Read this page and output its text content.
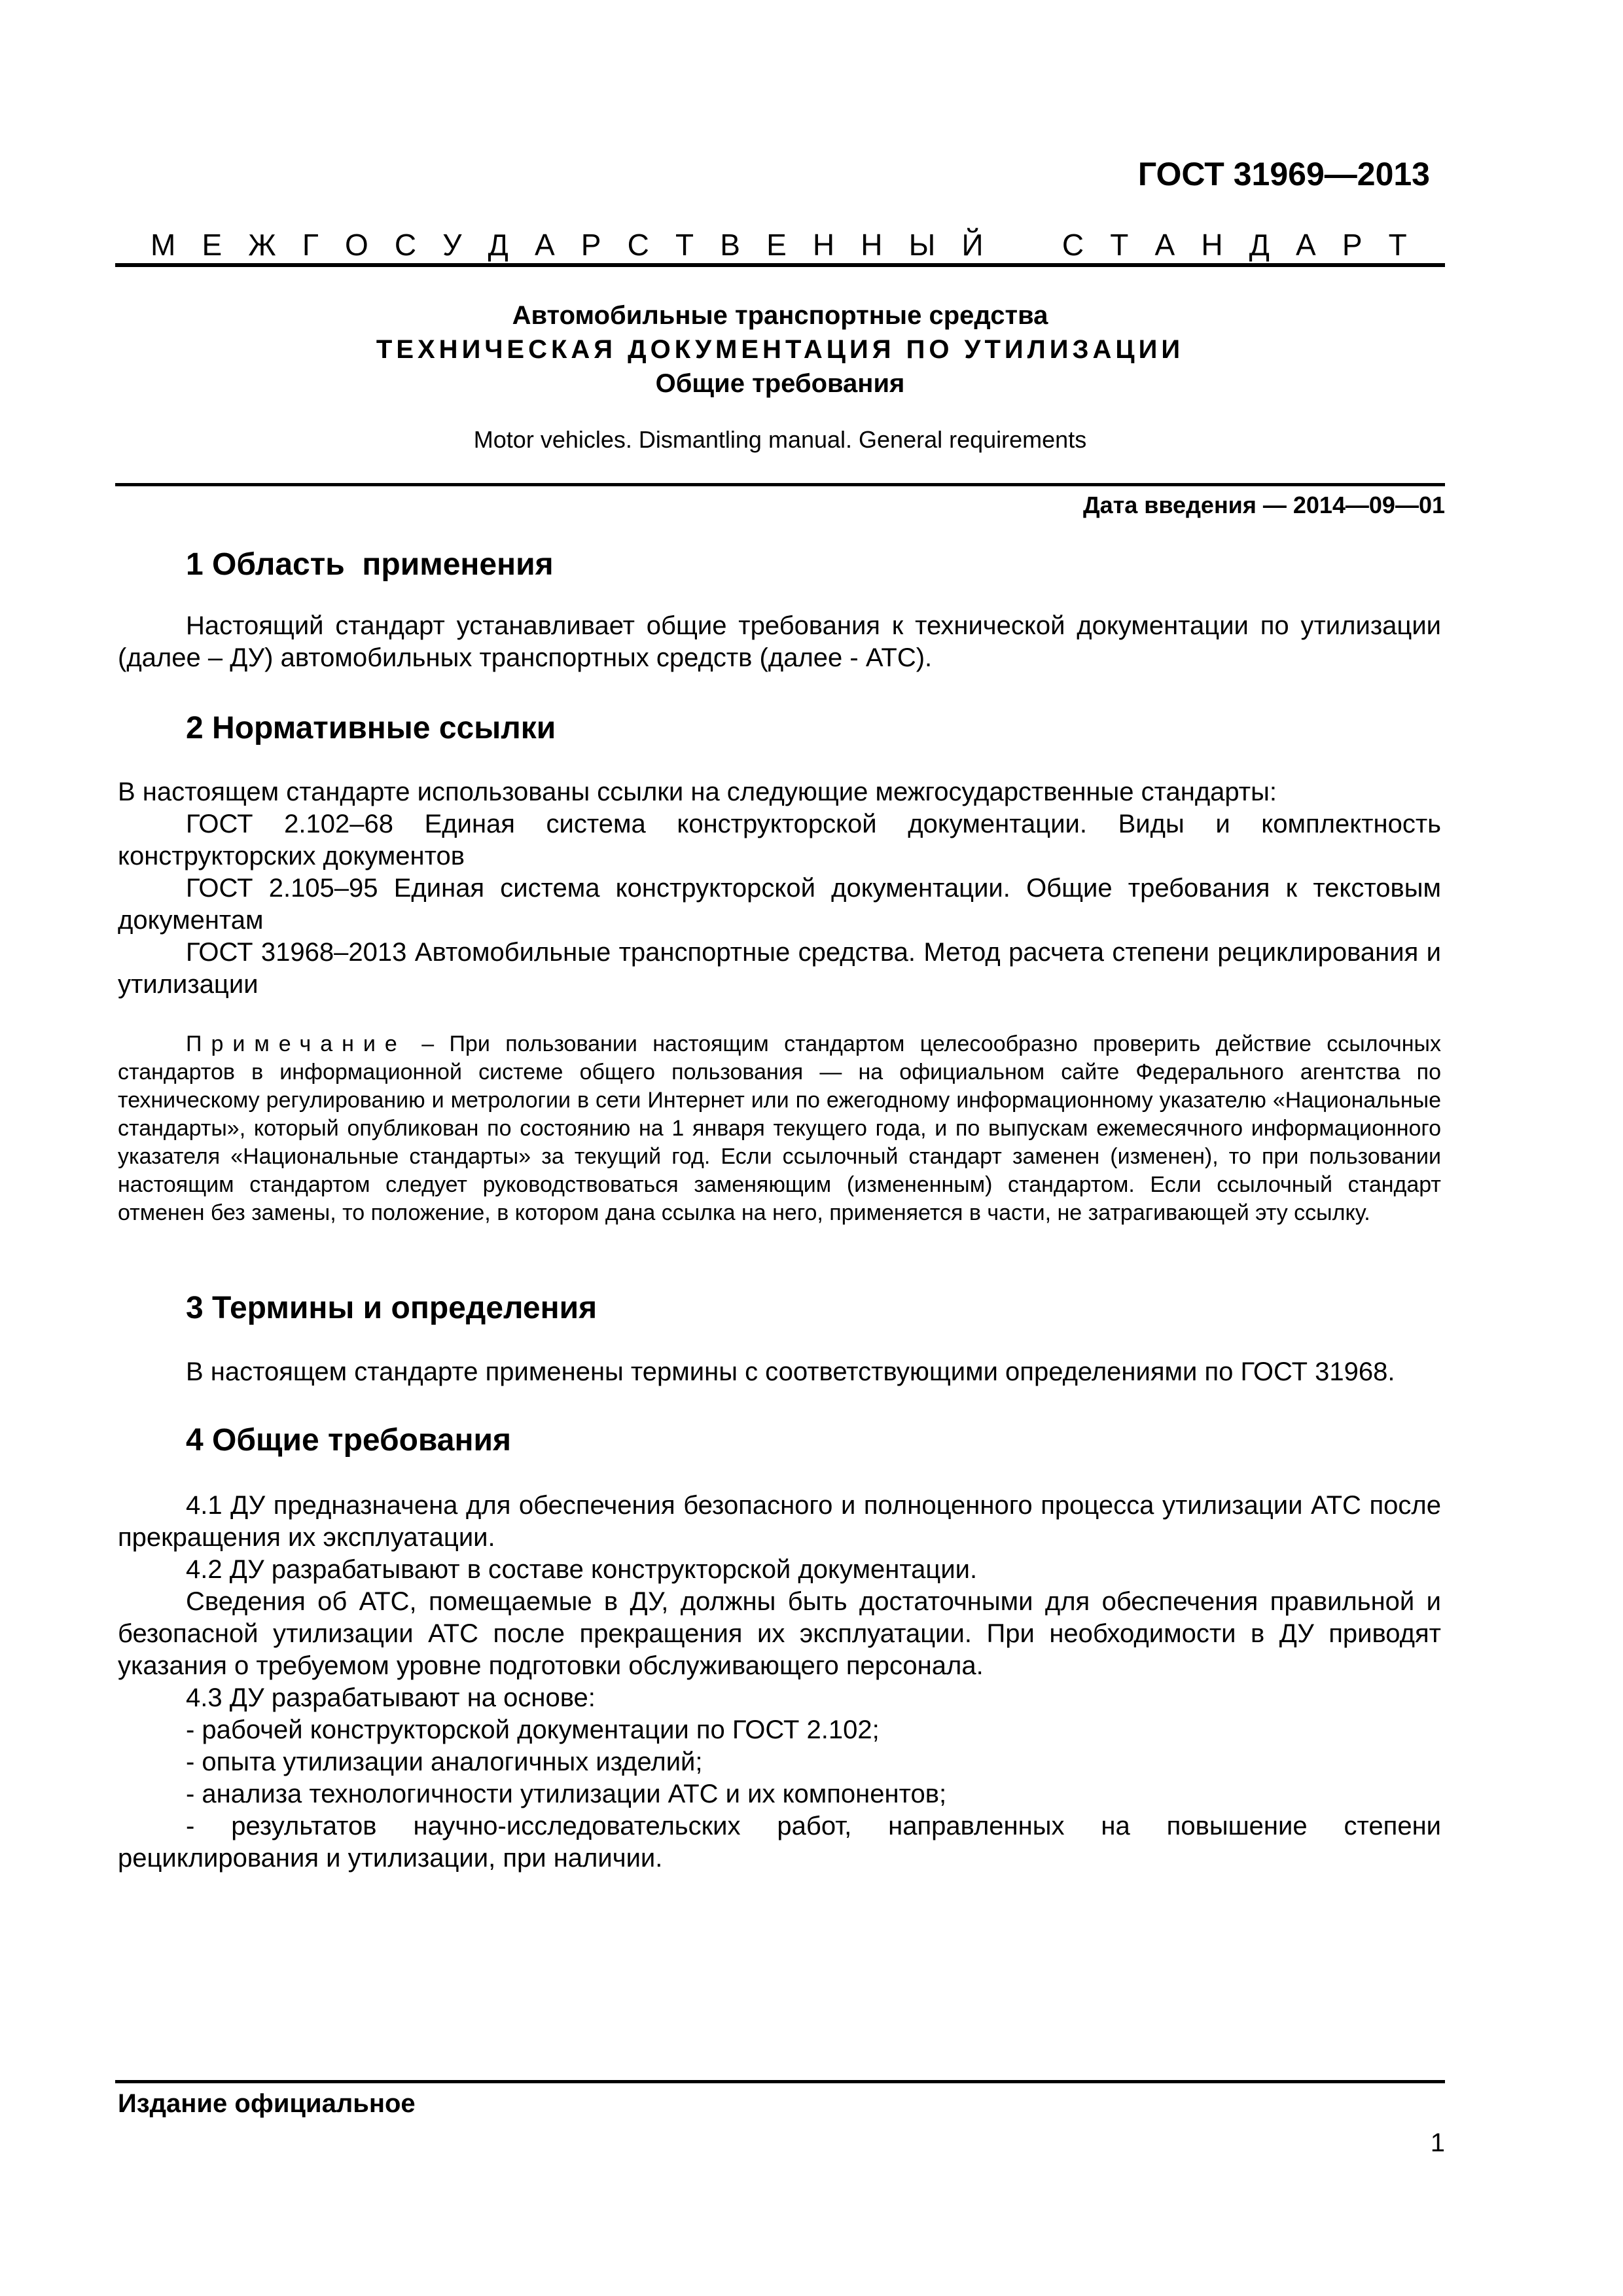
ГОСТ 31969—2013
М Е Ж Г О С У Д А Р С Т В Е Н Н Ы Й	С Т А Н Д А Р Т
Автомобильные транспортные средства
ТЕХНИЧЕСКАЯ ДОКУМЕНТАЦИЯ ПО УТИЛИЗАЦИИ
Общие требования
Motor vehicles. Dismantling manual. General requirements
Дата введения — 2014—09—01
1 Область  применения
Настоящий стандарт устанавливает общие требования к технической документации по утилизации (далее – ДУ) автомобильных транспортных средств (далее - АТС).
2 Нормативные ссылки
В настоящем стандарте использованы ссылки на следующие межгосударственные стандарты:
ГОСТ 2.102–68 Единая система конструкторской документации. Виды и комплектность конструкторских документов
ГОСТ 2.105–95 Единая система конструкторской документации. Общие требования к текстовым документам
ГОСТ 31968–2013 Автомобильные транспортные средства. Метод расчета степени рециклирования и утилизации
Примечание – При пользовании настоящим стандартом целесообразно проверить действие ссылочных стандартов в информационной системе общего пользования — на официальном сайте Федерального агентства по техническому регулированию и метрологии в сети Интернет или по ежегодному информационному указателю «Национальные стандарты», который опубликован по состоянию на 1 января текущего года, и по выпускам ежемесячного информационного указателя «Национальные стандарты» за текущий год. Если ссылочный стандарт заменен (изменен), то при пользовании настоящим стандартом следует руководствоваться заменяющим (измененным) стандартом. Если ссылочный стандарт отменен без замены, то положение, в котором дана ссылка на него, применяется в части, не затрагивающей эту ссылку.
3 Термины и определения
В настоящем стандарте применены термины с соответствующими определениями по ГОСТ 31968.
4 Общие требования
4.1 ДУ предназначена для обеспечения безопасного и полноценного процесса утилизации АТС после прекращения их эксплуатации.
4.2 ДУ разрабатывают в составе конструкторской документации.
Сведения об АТС, помещаемые в ДУ, должны быть достаточными для обеспечения правильной и безопасной утилизации АТС после прекращения их эксплуатации. При необходимости в ДУ приводят указания о требуемом уровне подготовки обслуживающего персонала.
4.3 ДУ разрабатывают на основе:
- рабочей конструкторской документации по ГОСТ 2.102;
- опыта утилизации аналогичных изделий;
- анализа технологичности утилизации АТС и их компонентов;
- результатов научно-исследовательских работ, направленных на повышение степени рециклирования и утилизации, при наличии.
Издание официальное
1
